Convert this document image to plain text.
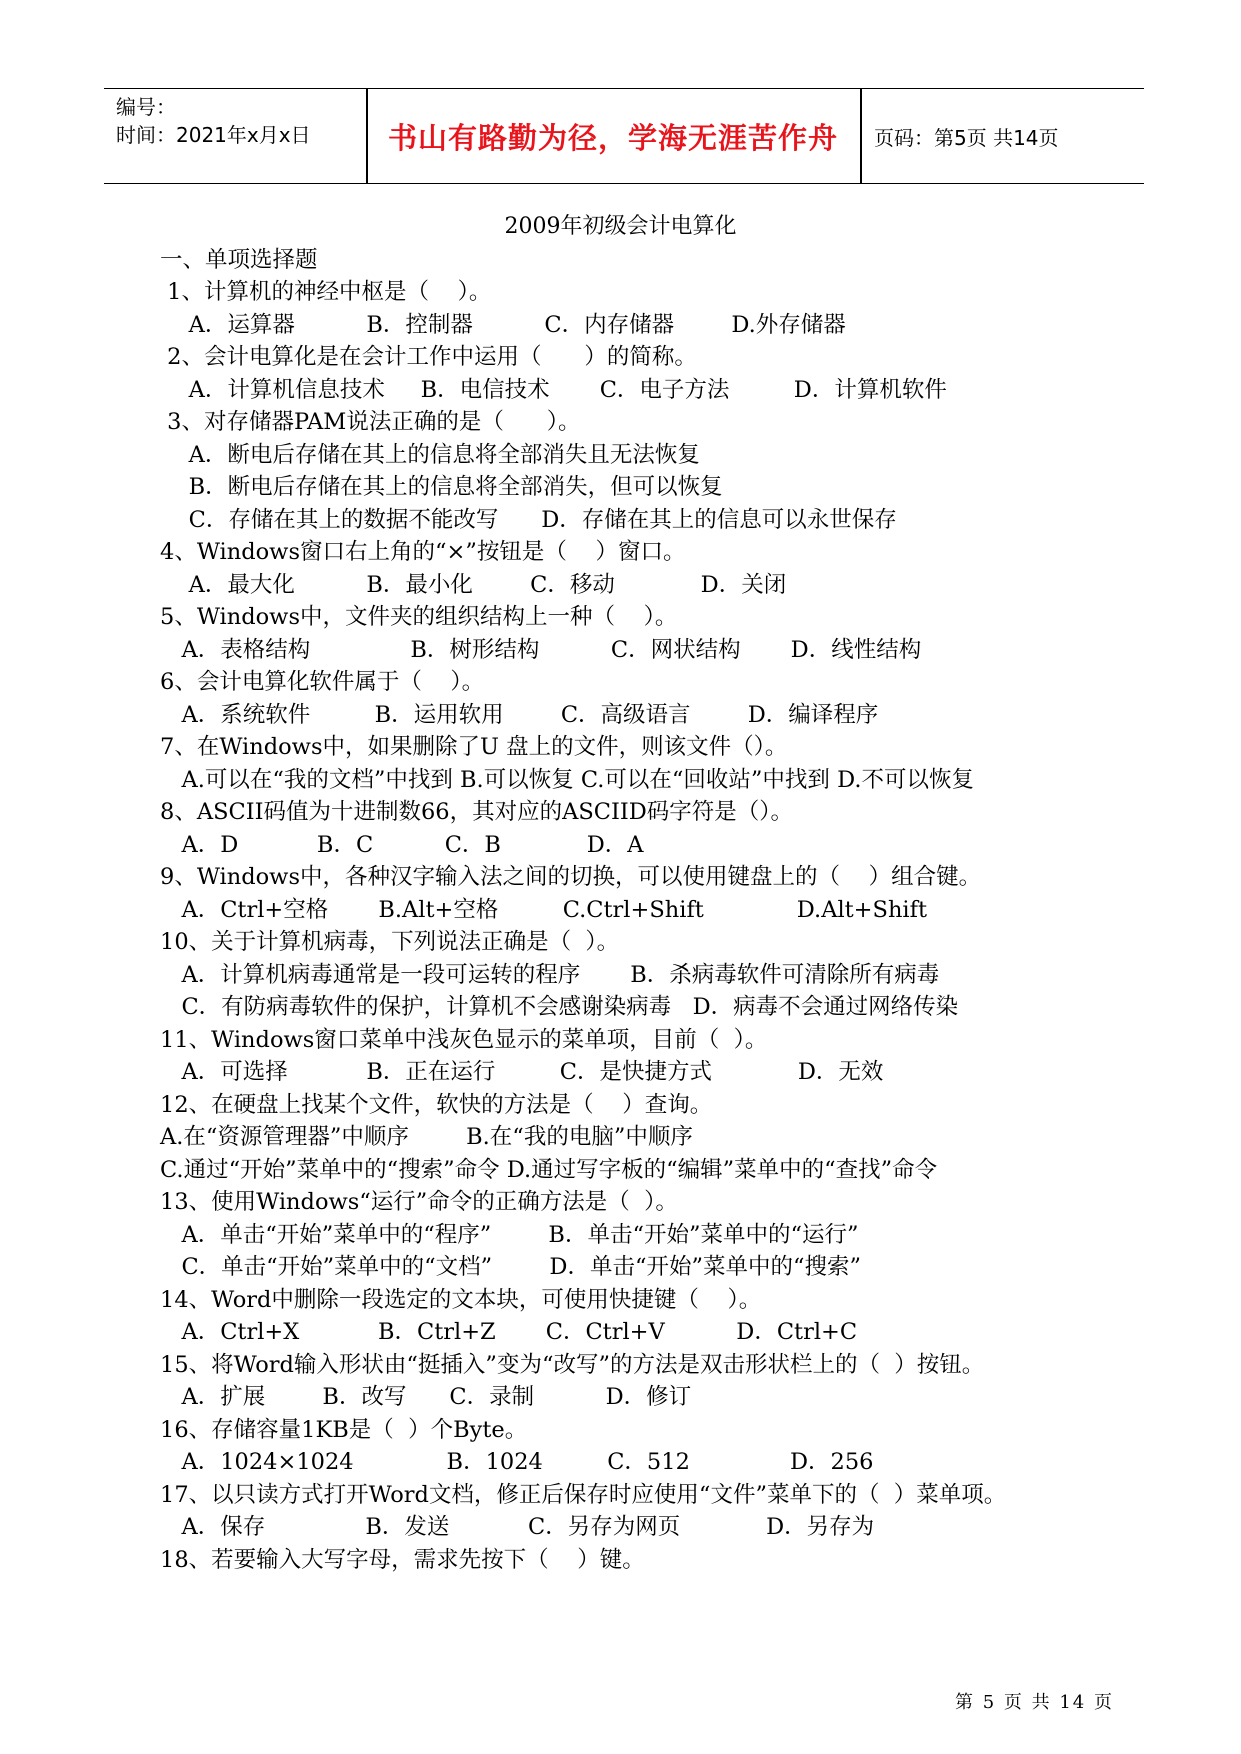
编号：
时间：2021年x月x日	书山有路勤为径，学海无涯苦作舟	页码：第5页 共14页
2009年初级会计电算化
一、单项选择题
1、计算机的神经中枢是（    ）。
A．运算器          B．控制器          C．内存储器        D.外存储器
2、会计电算化是在会计工作中运用（      ）的简称。
A．计算机信息技术     B．电信技术       C．电子方法         D．计算机软件
3、对存储器PAM说法正确的是（      ）。
A．断电后存储在其上的信息将全部消失且无法恢复
B．断电后存储在其上的信息将全部消失，但可以恢复
C．存储在其上的数据不能改写      D．存储在其上的信息可以永世保存
4、Windows窗口右上角的“×”按钮是（    ）窗口。
A．最大化          B．最小化        C．移动            D．关闭
5、Windows中，文件夹的组织结构上一种（    ）。
A．表格结构              B．树形结构          C．网状结构       D．线性结构
6、会计电算化软件属于（    ）。
A．系统软件         B．运用软用        C．高级语言        D．编译程序
7、在Windows中，如果删除了U 盘上的文件，则该文件（）。
A.可以在“我的文档”中找到 B.可以恢复 C.可以在“回收站”中找到 D.不可以恢复
8、ASCII码值为十进制数66，其对应的ASCIID码字符是（）。
A．D           B．C          C．B            D．A
9、Windows中，各种汉字输入法之间的切换，可以使用键盘上的（    ）组合键。
A．Ctrl+空格       B.Alt+空格         C.Ctrl+Shift             D.Alt+Shift
10、关于计算机病毒，下列说法正确是（  ）。
A．计算机病毒通常是一段可运转的程序       B．杀病毒软件可清除所有病毒
C．有防病毒软件的保护，计算机不会感谢染病毒   D．病毒不会通过网络传染
11、Windows窗口菜单中浅灰色显示的菜单项，目前（  ）。
A．可选择           B．正在运行         C．是快捷方式            D．无效
12、在硬盘上找某个文件，软快的方法是（    ）查询。
A.在“资源管理器”中顺序        B.在“我的电脑”中顺序
C.通过“开始”菜单中的“搜索”命令 D.通过写字板的“编辑”菜单中的“查找”命令
13、使用Windows“运行”命令的正确方法是（  ）。
A．单击“开始”菜单中的“程序”        B．单击“开始”菜单中的“运行”
C．单击“开始”菜单中的“文档”        D．单击“开始”菜单中的“搜索”
14、Word中删除一段选定的文本块，可使用快捷键（    ）。
A．Ctrl+X           B．Ctrl+Z       C．Ctrl+V          D．Ctrl+C
15、将Word输入形状由“挺插入”变为“改写”的方法是双击形状栏上的（  ）按钮。
A．扩展        B．改写      C．录制          D．修订
16、存储容量1KB是（  ）个Byte。
A．1024×1024             B．1024         C．512              D．256
17、以只读方式打开Word文档，修正后保存时应使用“文件”菜单下的（  ）菜单项。
A．保存              B．发送           C．另存为网页            D．另存为
18、若要输入大写字母，需求先按下（    ）键。
第 5 页 共 14 页
